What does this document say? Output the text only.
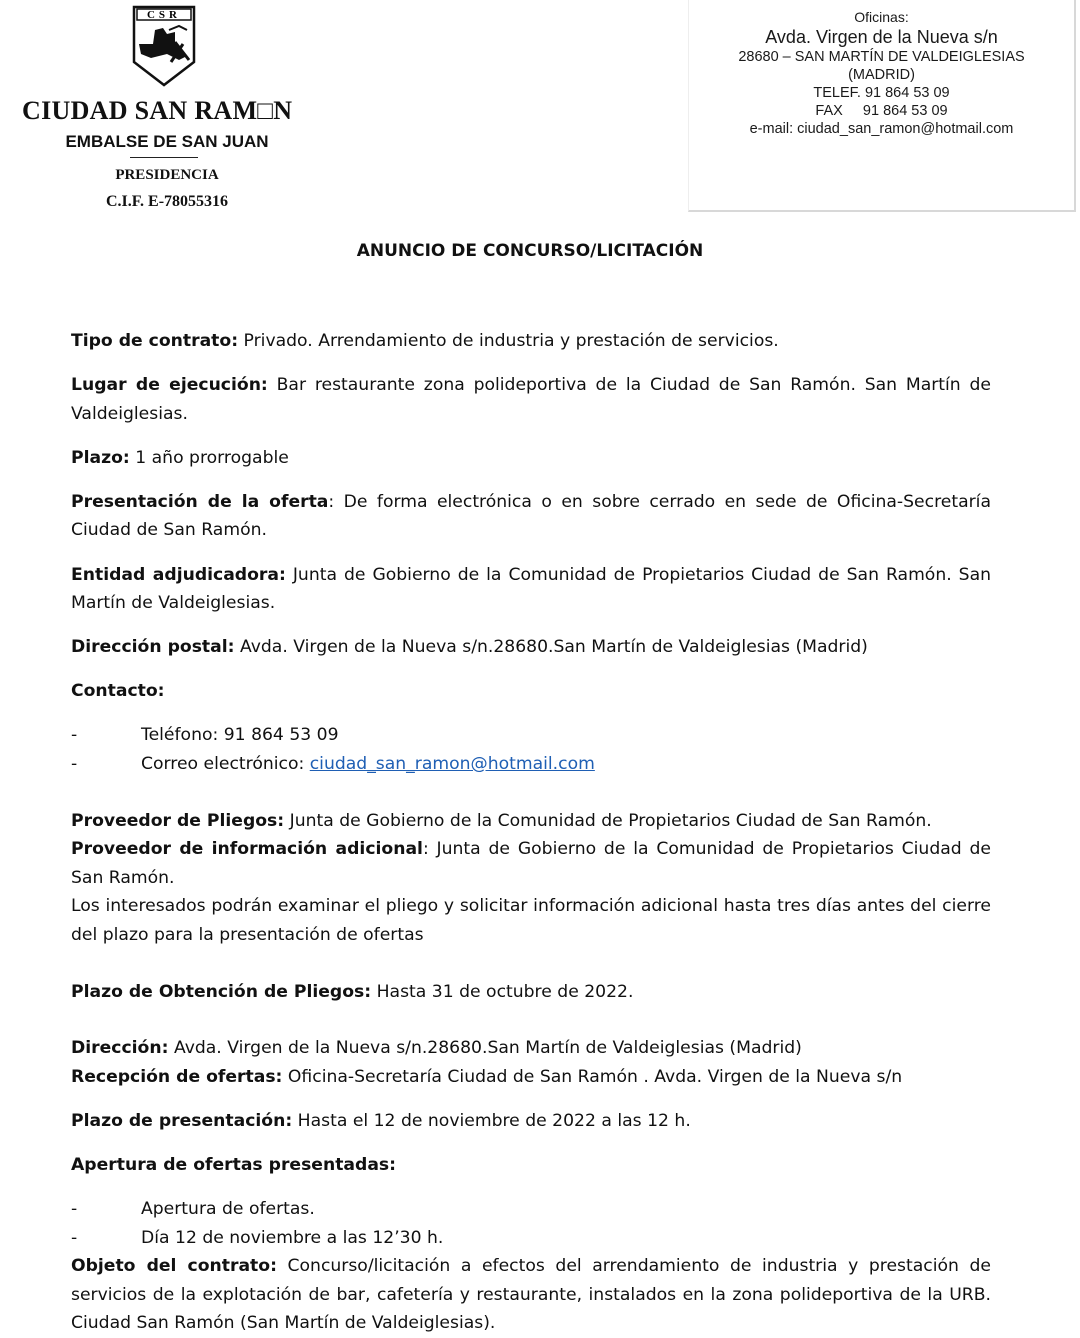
CSR
CIUDAD SAN RAM□N
EMBALSE DE SAN JUAN
PRESIDENCIA
C.I.F. E-78055316
Oficinas:
Avda. Virgen de la Nueva s/n
28680 – SAN MARTÍN DE VALDEIGLESIAS
(MADRID)
TELEF. 91 864 53 09
FAX     91 864 53 09
e-mail: ciudad_san_ramon@hotmail.com
ANUNCIO DE CONCURSO/LICITACIÓN

Tipo de contrato: Privado. Arrendamiento de industria y prestación de servicios.

Lugar de ejecución: Bar restaurante zona polideportiva de la Ciudad de San Ramón. San Martín de Valdeiglesias.

Plazo: 1 año prorrogable

Presentación de la oferta: De forma electrónica o en sobre cerrado en sede de Oficina-Secretaría Ciudad de San Ramón.

Entidad adjudicadora: Junta de Gobierno de la Comunidad de Propietarios Ciudad de San Ramón. San Martín de Valdeiglesias.

Dirección postal: Avda. Virgen de la Nueva s/n.28680.San Martín de Valdeiglesias (Madrid)

Contacto:

-	Teléfono: 91 864 53 09
-	Correo electrónico: ciudad_san_ramon@hotmail.com

Proveedor de Pliegos: Junta de Gobierno de la Comunidad de Propietarios Ciudad de San Ramón.

Proveedor de información adicional: Junta de Gobierno de la Comunidad de Propietarios Ciudad de San Ramón.

Los interesados podrán examinar el pliego y solicitar información adicional hasta tres días antes del cierre del plazo para la presentación de ofertas

Plazo de Obtención de Pliegos: Hasta 31 de octubre de 2022.

Dirección: Avda. Virgen de la Nueva s/n.28680.San Martín de Valdeiglesias (Madrid)

Recepción de ofertas: Oficina-Secretaría Ciudad de San Ramón . Avda. Virgen de la Nueva s/n

Plazo de presentación: Hasta el 12 de noviembre de 2022 a las 12 h.

Apertura de ofertas presentadas:

-	Apertura de ofertas.
-	Día 12 de noviembre a las 12’30 h.

Objeto del contrato: Concurso/licitación a efectos del arrendamiento de industria y prestación de servicios de la explotación de bar, cafetería y restaurante, instalados en la zona polideportiva de la URB. Ciudad San Ramón (San Martín de Valdeiglesias).
